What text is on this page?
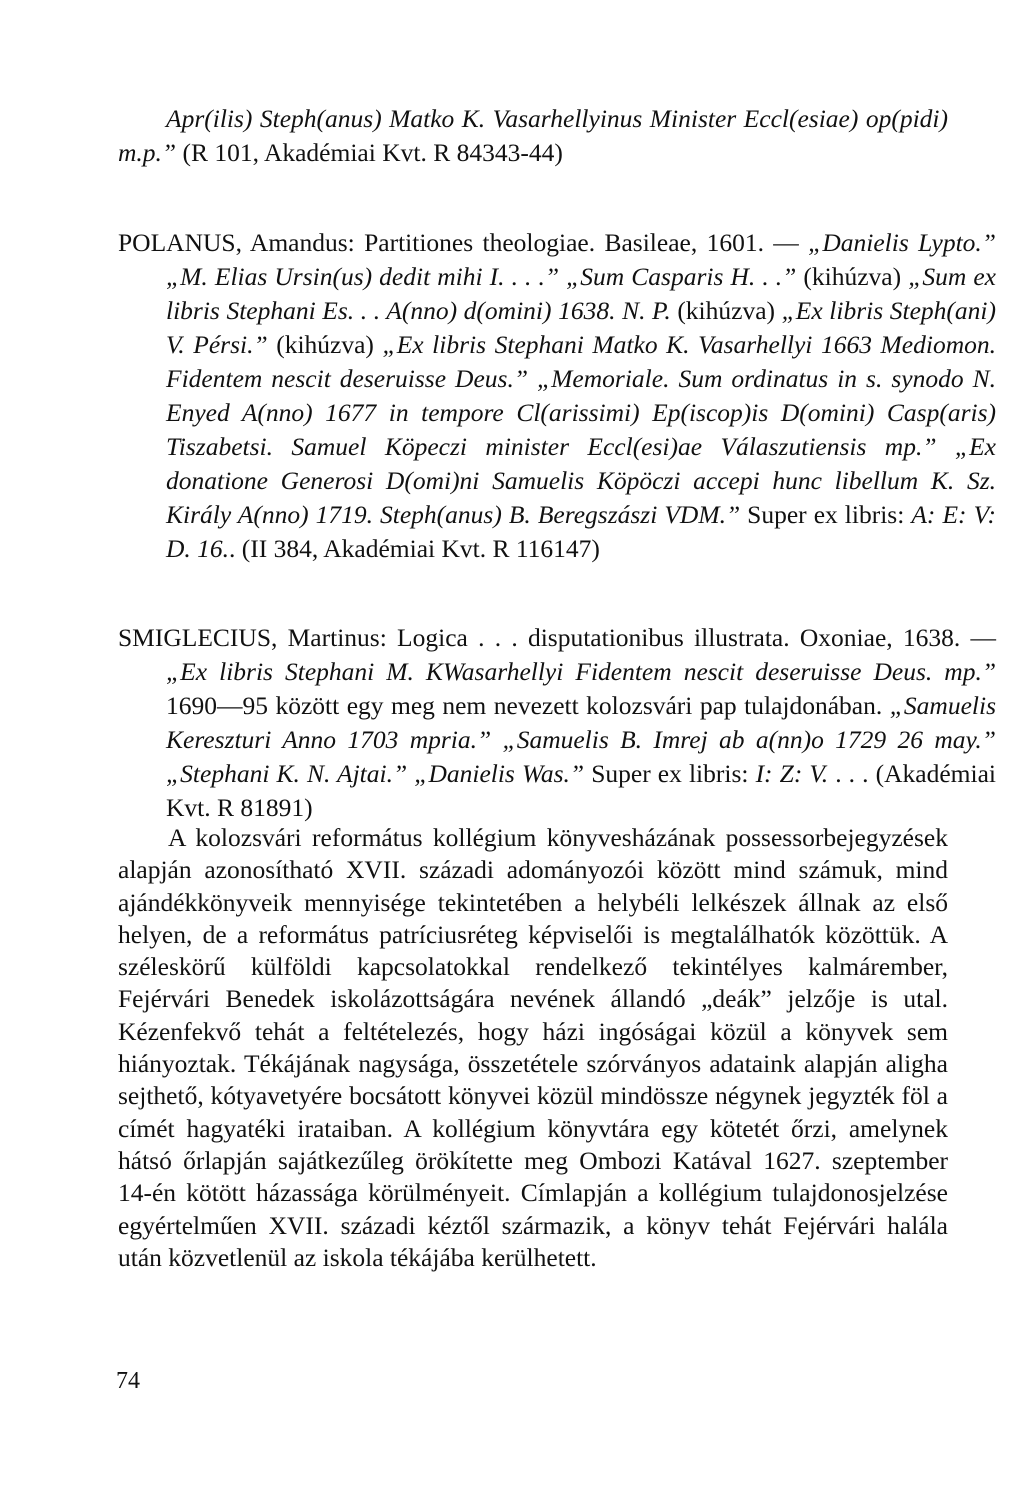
Apr(ilis) Steph(anus) Matko K. Vasarhellyinus Minister Eccl(esiae) op(pidi) m.p.” (R 101, Akadémiai Kvt. R 84343-44)
POLANUS, Amandus: Partitiones theologiae. Basileae, 1601. — „Danielis Lypto.” „M. Elias Ursin(us) dedit mihi I. . . .” „Sum Casparis H. . .” (kihúzva) „Sum ex libris Stephani Es. . . A(nno) d(omini) 1638. N. P. (kihúzva) „Ex libris Steph(ani) V. Pérsi.” (kihúzva) „Ex libris Stephani Matko K. Vasarhellyi 1663 Mediomon. Fidentem nescit deseruisse Deus.” „Memoriale. Sum ordinatus in s. synodo N. Enyed A(nno) 1677 in tempore Cl(arissimi) Ep(iscop)is D(omini) Casp(aris) Tiszabetsi. Samuel Köpeczi minister Eccl(esi)ae Válaszutiensis mp.” „Ex donatione Generosi D(omi)ni Samuelis Köpöczi accepi hunc libellum K. Sz. Király A(nno) 1719. Steph(anus) B. Beregszászi VDM.” Super ex libris: A: E: V: D. 16.. (II 384, Akadémiai Kvt. R 116147)
SMIGLECIUS, Martinus: Logica . . . disputationibus illustrata. Oxoniae, 1638. — „Ex libris Stephani M. KWasarhellyi Fidentem nescit deseruisse Deus. mp.” 1690—95 között egy meg nem nevezett kolozsvári pap tulajdonában. „Samuelis Kereszturi Anno 1703 mpria.” „Samuelis B. Imrej ab a(nn)o 1729 26 may.” „Stephani K. N. Ajtai.” „Danielis Was.” Super ex libris: I: Z: V. . . . (Akadémiai Kvt. R 81891)

A kolozsvári református kollégium könyvesházának possessorbejegyzések alapján azonosítható XVII. századi adományozói között mind számuk, mind ajándékkönyveik mennyisége tekintetében a helybéli lelkészek állnak az első helyen, de a református patríciusréteg képviselői is megtalálhatók közöttük. A széleskörű külföldi kapcsolatokkal rendelkező tekintélyes kalmárember, Fejérvári Benedek iskolázottságára nevének állandó „deák” jelzője is utal. Kézenfekvő tehát a feltételezés, hogy házi ingóságai közül a könyvek sem hiányoztak. Tékájának nagysága, összetétele szórványos adataink alapján aligha sejthető, kótyavetyére bocsátott könyvei közül mindössze négynek jegyzték föl a címét hagyatéki irataiban. A kollégium könyvtára egy kötetét őrzi, amelynek hátsó őrlapján sajátkezűleg örökítette meg Ombozi Katával 1627. szeptember 14-én kötött házassága körülményeit. Címlapján a kollégium tulajdonosjelzése egyértelműen XVII. századi kéztől származik, a könyv tehát Fejérvári halála után közvetlenül az iskola tékájába kerülhetett.

74
